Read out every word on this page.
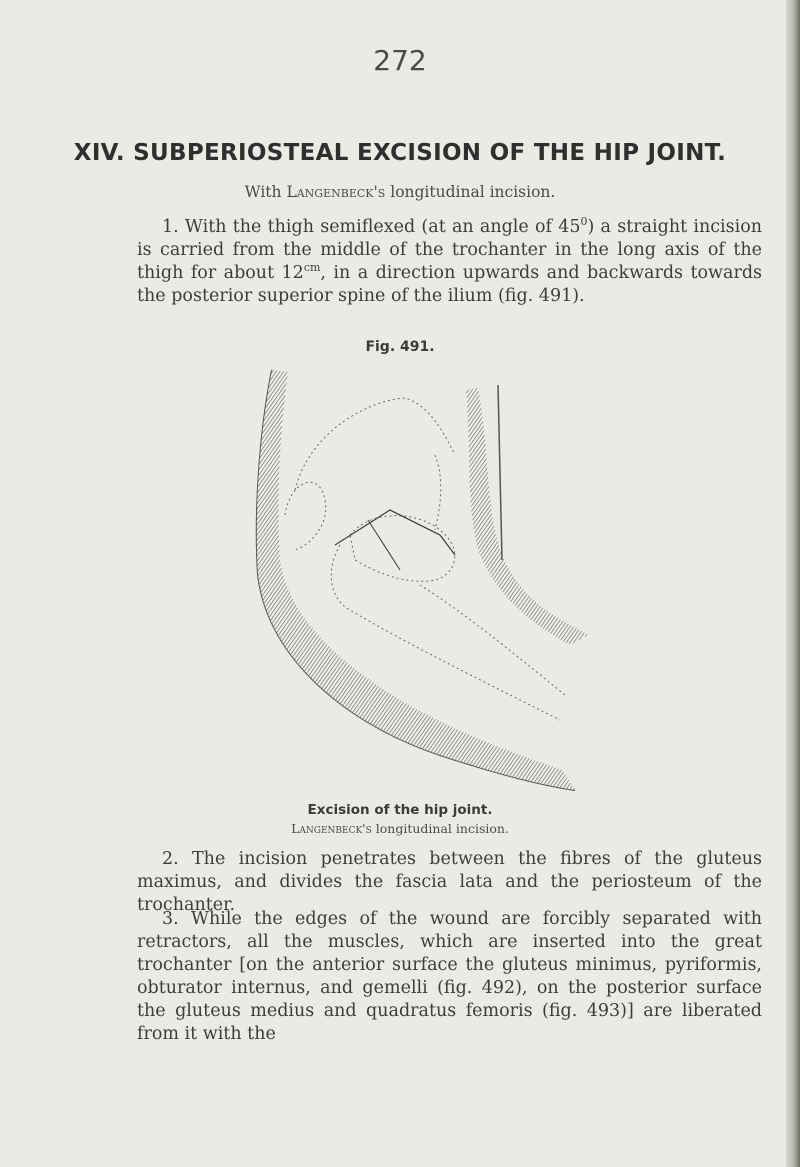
272
XIV. SUBPERIOSTEAL EXCISION OF THE HIP JOINT.
With Langenbeck's longitudinal incision.
1. With the thigh semiflexed (at an angle of $45^0$) a straight incision is carried from the middle of the trochanter in the long axis of the thigh for about $12^{cm}$, in a direction upwards and backwards towards the posterior superior spine of the ilium (fig. 491).
Fig. 491.
Excision of the hip joint.
Langenbeck's longitudinal incision.
2. The incision penetrates between the fibres of the gluteus maximus, and divides the fascia lata and the periosteum of the trochanter.
3. While the edges of the wound are forcibly separated with retractors, all the muscles, which are inserted into the great trochanter [on the anterior surface the gluteus minimus, pyriformis, obturator internus, and gemelli (fig. 492), on the posterior surface the gluteus medius and quadratus femoris (fig. 493)] are liberated from it with the
